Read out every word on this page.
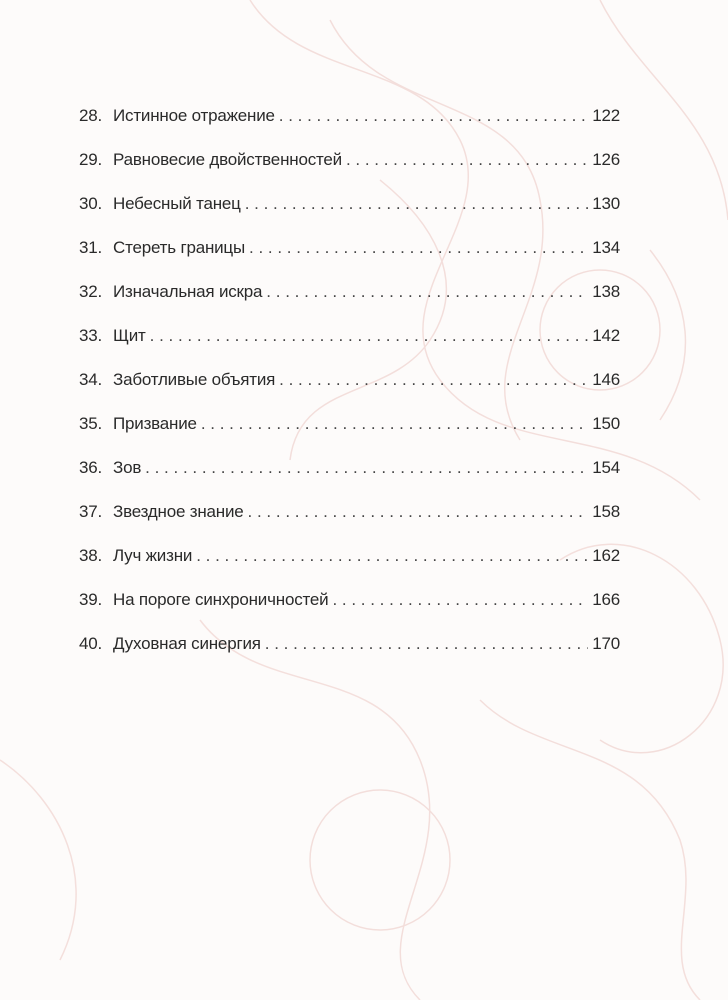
28. Истинное отражение . . .	122
29. Равновесие двойственностей . . .	126
30. Небесный танец . . .	130
31. Стереть границы . . .	134
32. Изначальная искра . . .	138
33. Щит . . .	142
34. Заботливые объятия . . .	146
35. Призвание . . .	150
36. Зов . . .	154
37. Звездное знание . . .	158
38. Луч жизни . . .	162
39. На пороге синхроничностей . . .	166
40. Духовная синергия . . .	170
